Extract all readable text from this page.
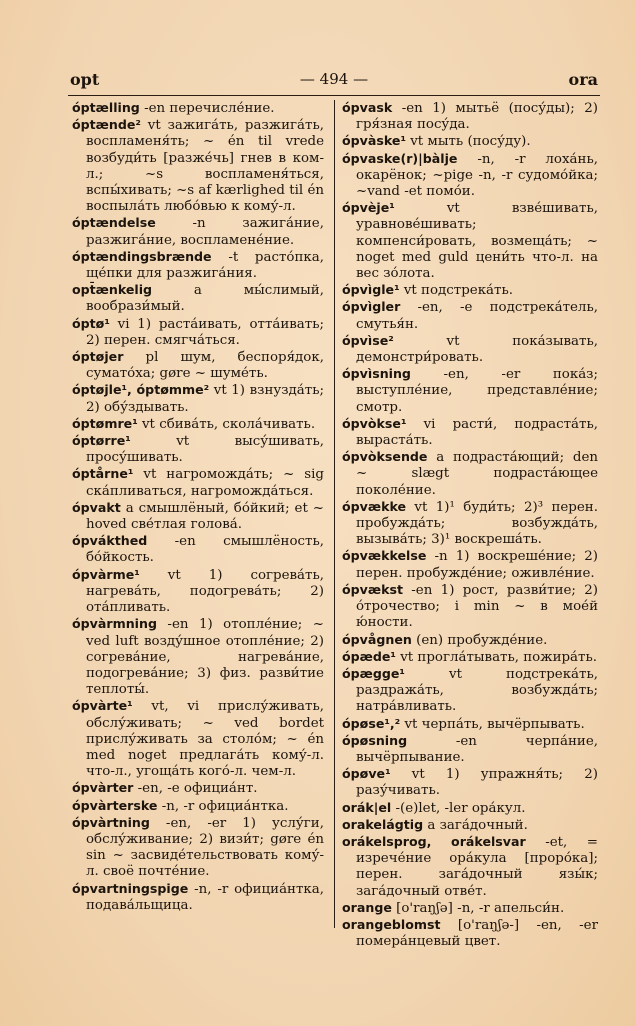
opt	— 494 —	ora

óptælling -en перечисле́ние.

óptænde² vt зажига́ть, разжига́ть, воспламеня́ть; ~ én til vrede возбуди́ть [разже́чь] гнев в ком-л.; ~s воспламеня́ться, вспы́хивать; ~s af kærlighed til én воспыла́ть любо́вью к кому́-л.

óptændelse -n зажига́ние, разжига́ние, воспламене́ние.

óptændingsbrænde -t расто́пка, ще́пки для разжига́ния.

opt̄ænkelig a мы́слимый, вообрази́мый.

óptø¹ vi 1) раста́ивать, отта́ивать; 2) перен. смягча́ться.

óptøjer pl шум, беспоря́док, сумато́ха; gøre ~ шуме́ть.

óptøjle¹, óptømme² vt 1) взнузда́ть; 2) обу́здывать.

óptømre¹ vt сбива́ть, скола́чивать.

óptørre¹ vt высу́шивать, просу́шивать.

óptårne¹ vt нагроможда́ть; ~ sig ска́пливаться, нагроможда́ться.

ópvakt a смышлёный, бо́йкий; et ~ hoved све́тлая голова́.

ópvákthed -en смышлёность, бо́йкость.

ópvàrme¹ vt 1) согрева́ть, нагрева́ть, подогрева́ть; 2) ота́пливать.

ópvàrmning -en 1) отопле́ние; ~ ved luft возду́шное отопле́ние; 2) согрева́ние, нагрева́ние, подогрева́ние; 3) физ. разви́тие теплоты́.

ópvàrte¹ vt, vi прислу́живать, обслу́живать; ~ ved bordet прислу́живать за столо́м; ~ én med noget предлага́ть кому́-л. что-л., угоща́ть кого́-л. чем-л.

ópvàrter -en, -e официа́нт.

ópvàrterske -n, -r официа́нтка.

ópvàrtning -en, -er 1) услу́ги, обслу́живание; 2) визи́т; gøre én sin ~ засвиде́тельствовать кому́-л. своё почте́ние.

ópvartningspige -n, -r официа́нтка, подава́льщица.

ópvask -en 1) мытьё (посу́ды); 2) гря́зная посу́да.

ópvàske¹ vt мыть (посу́ду).

ópvaske(r)|bàlje -n, -r лоха́нь, окарёнок; ~pige -n, -r судомо́йка; ~vand -et помо́и.

ópvèje¹ vt взве́шивать, уравнове́шивать; компенси́ровать, возмеща́ть; ~ noget med guld цени́ть что-л. на вес зо́лота.

ópvìgle¹ vt подстрека́ть.

ópvìgler -en, -e подстрека́тель, смутья́н.

ópvìse² vt пока́зывать, демонстри́ровать.

ópvìsning -en, -er пока́з; выступле́ние, представле́ние; смотр.

ópvòkse¹ vi расти́, подраста́ть, выраста́ть.

ópvòksende a подраста́ющий; den ~ slægt подраста́ющее поколе́ние.

ópvække vt 1)¹ буди́ть; 2)³ перен. пробужда́ть; возбужда́ть, вызыва́ть; 3)¹ воскреша́ть.

ópvækkelse -n 1) воскреше́ние; 2) перен. пробужде́ние; оживле́ние.

ópvækst -en 1) рост, разви́тие; 2) о́трочество; i min ~ в мое́й ю́ности.

ópvågnen (en) пробужде́ние.

ópæde¹ vt прогла́тывать, пожира́ть.

ópægge¹ vt подстрека́ть, раздража́ть, возбужда́ть; натра́вливать.

ópøse¹,² vt черпа́ть, вычёрпывать.

ópøsning -en черпа́ние, вычёрпывание.

ópøve¹ vt 1) упражня́ть; 2) разу́чивать.

orák|el -(e)let, -ler ора́кул.

orakelágtig a зага́дочный.

orákelsprog, orákelsvar -et, = изрече́ние ора́кула [проро́ка]; перен. зага́дочный язы́к; зага́дочный отве́т.

orange [o'raŋʃə] -n, -r апельси́н.

orangeblomst [o'raŋʃə-] -en, -er помера́нцевый цвет.
